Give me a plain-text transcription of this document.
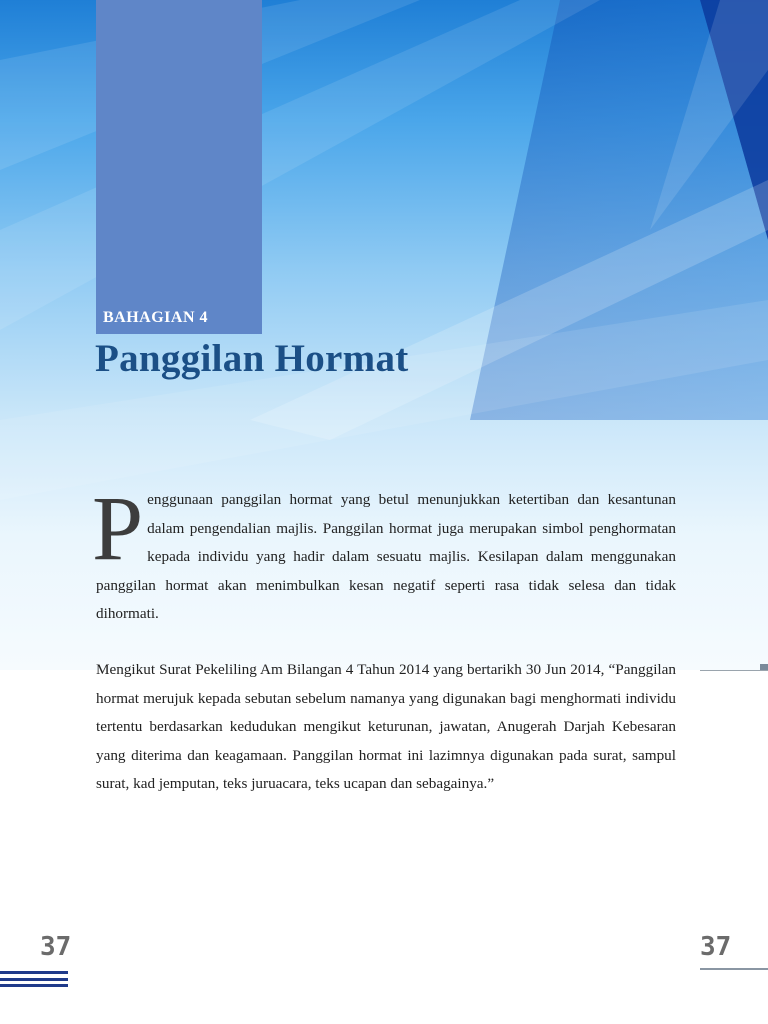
BAHAGIAN 4
Panggilan Hormat
Penggunaan panggilan hormat yang betul menunjukkan ketertiban dan kesantunan dalam pengendalian majlis. Panggilan hormat juga merupakan simbol penghormatan kepada individu yang hadir dalam sesuatu majlis. Kesilapan dalam menggunakan panggilan hormat akan menimbulkan kesan negatif seperti rasa tidak selesa dan tidak dihormati.
Mengikut Surat Pekeliling Am Bilangan 4 Tahun 2014 yang bertarikh 30 Jun 2014, “Panggilan hormat merujuk kepada sebutan sebelum namanya yang digunakan bagi menghormati individu tertentu berdasarkan kedudukan mengikut keturunan, jawatan, Anugerah Darjah Kebesaran yang diterima dan keagamaan. Panggilan hormat ini lazimnya digunakan pada surat, sampul surat, kad jemputan, teks juruacara, teks ucapan dan sebagainya.”
37	37
